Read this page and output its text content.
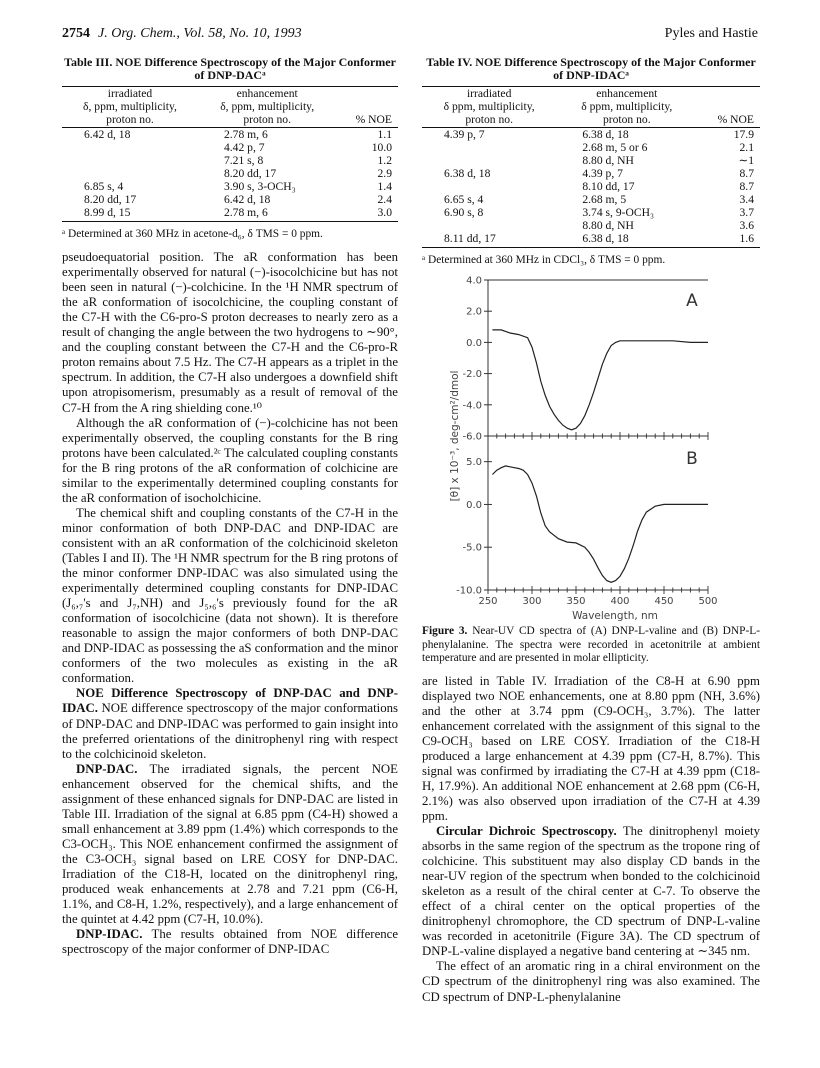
2754 J. Org. Chem., Vol. 58, No. 10, 1993	Pyles and Hastie
Table III. NOE Difference Spectroscopy of the Major Conformer of DNP-DACᵃ
irradiated	enhancement	
δ, ppm, multiplicity,	δ, ppm, multiplicity,	
proton no.	proton no.	% NOE
6.42 d, 18	2.78 m, 6	1.1
	4.42 p, 7	10.0
	7.21 s, 8	1.2
	8.20 dd, 17	2.9
6.85 s, 4	3.90 s, 3-OCH₃	1.4
8.20 dd, 17	6.42 d, 18	2.4
8.99 d, 15	2.78 m, 6	3.0
ᵃ Determined at 360 MHz in acetone-d₆, δ TMS = 0 ppm.

pseudoequatorial position. The aR conformation has been experimentally observed for natural (−)-isocolchicine but has not been seen in natural (−)-colchicine. In the ¹H NMR spectrum of the aR conformation of isocolchicine, the coupling constant of the C7-H with the C6-pro-S proton decreases to nearly zero as a result of changing the angle between the two hydrogens to ∼90°, and the coupling constant between the C7-H and the C6-pro-R proton remains about 7.5 Hz. The C7-H appears as a triplet in the spectrum. In addition, the C7-H also undergoes a downfield shift upon atropisomerism, presumably as a result of removal of the C7-H from the A ring shielding cone.¹⁰

Although the aR conformation of (−)-colchicine has not been experimentally observed, the coupling constants for the B ring protons have been calculated.²ᶜ The calculated coupling constants for the B ring protons of the aR conformation of colchicine are similar to the experimentally determined coupling constants for the aR conformation of isocholchicine.

The chemical shift and coupling constants of the C7-H in the minor conformation of both DNP-DAC and DNP-IDAC are consistent with an aR conformation of the colchicinoid skeleton (Tables I and II). The ¹H NMR spectrum for the B ring protons of the minor conformer DNP-IDAC was also simulated using the experimentally determined coupling constants for DNP-IDAC (J₆,₇'s and J₇,NH) and J₅,₆'s previously found for the aR conformation of isocolchicine (data not shown). It is therefore reasonable to assign the major conformers of both DNP-DAC and DNP-IDAC as possessing the aS conformation and the minor conformers of the two molecules as existing in the aR conformation.

NOE Difference Spectroscopy of DNP-DAC and DNP-IDAC. NOE difference spectroscopy of the major conformations of DNP-DAC and DNP-IDAC was performed to gain insight into the preferred orientations of the dinitrophenyl ring with respect to the colchicinoid skeleton.

DNP-DAC. The irradiated signals, the percent NOE enhancement observed for the chemical shifts, and the assignment of these enhanced signals for DNP-DAC are listed in Table III. Irradiation of the signal at 6.85 ppm (C4-H) showed a small enhancement at 3.89 ppm (1.4%) which corresponds to the C3-OCH₃. This NOE enhancement confirmed the assignment of the C3-OCH₃ signal based on LRE COSY for DNP-DAC. Irradiation of the C18-H, located on the dinitrophenyl ring, produced weak enhancements at 2.78 and 7.21 ppm (C6-H, 1.1%, and C8-H, 1.2%, respectively), and a large enhancement of the quintet at 4.42 ppm (C7-H, 10.0%).

DNP-IDAC. The results obtained from NOE difference spectroscopy of the major conformer of DNP-IDAC

Table IV. NOE Difference Spectroscopy of the Major Conformer of DNP-IDACᵃ
irradiated	enhancement	
δ ppm, multiplicity,	δ ppm, multiplicity,	
proton no.	proton no.	% NOE
4.39 p, 7	6.38 d, 18	17.9
	2.68 m, 5 or 6	2.1
	8.80 d, NH	∼1
6.38 d, 18	4.39 p, 7	8.7
	8.10 dd, 17	8.7
6.65 s, 4	2.68 m, 5	3.4
6.90 s, 8	3.74 s, 9-OCH₃	3.7
	8.80 d, NH	3.6
8.11 dd, 17	6.38 d, 18	1.6
ᵃ Determined at 360 MHz in CDCl₃, δ TMS = 0 ppm.
[θ] x 10⁻³, deg-cm²/dmol
Wavelength, nm
4.0
2.0
0.0
-2.0
-4.0
-6.0
A
5.0
0.0
-5.0
-10.0
B
250 300 350 400 450 500
Figure 3. Near-UV CD spectra of (A) DNP-L-valine and (B) DNP-L-phenylalanine. The spectra were recorded in acetonitrile at ambient temperature and are presented in molar ellipticity.

are listed in Table IV. Irradiation of the C8-H at 6.90 ppm displayed two NOE enhancements, one at 8.80 ppm (NH, 3.6%) and the other at 3.74 ppm (C9-OCH₃, 3.7%). The latter enhancement correlated with the assignment of this signal to the C9-OCH₃ based on LRE COSY. Irradiation of the C18-H produced a large enhancement at 4.39 ppm (C7-H, 8.7%). This signal was confirmed by irradiating the C7-H at 4.39 ppm (C18-H, 17.9%). An additional NOE enhancement at 2.68 ppm (C6-H, 2.1%) was also observed upon irradiation of the C7-H at 4.39 ppm.

Circular Dichroic Spectroscopy. The dinitrophenyl moiety absorbs in the same region of the spectrum as the tropone ring of colchicine. This substituent may also display CD bands in the near-UV region of the spectrum when bonded to the colchicinoid skeleton as a result of the chiral center at C-7. To observe the effect of a chiral center on the optical properties of the dinitrophenyl chromophore, the CD spectrum of DNP-L-valine was recorded in acetonitrile (Figure 3A). The CD spectrum of DNP-L-valine displayed a negative band centering at ∼345 nm.

The effect of an aromatic ring in a chiral environment on the CD spectrum of the dinitrophenyl ring was also examined. The CD spectrum of DNP-L-phenylalanine
